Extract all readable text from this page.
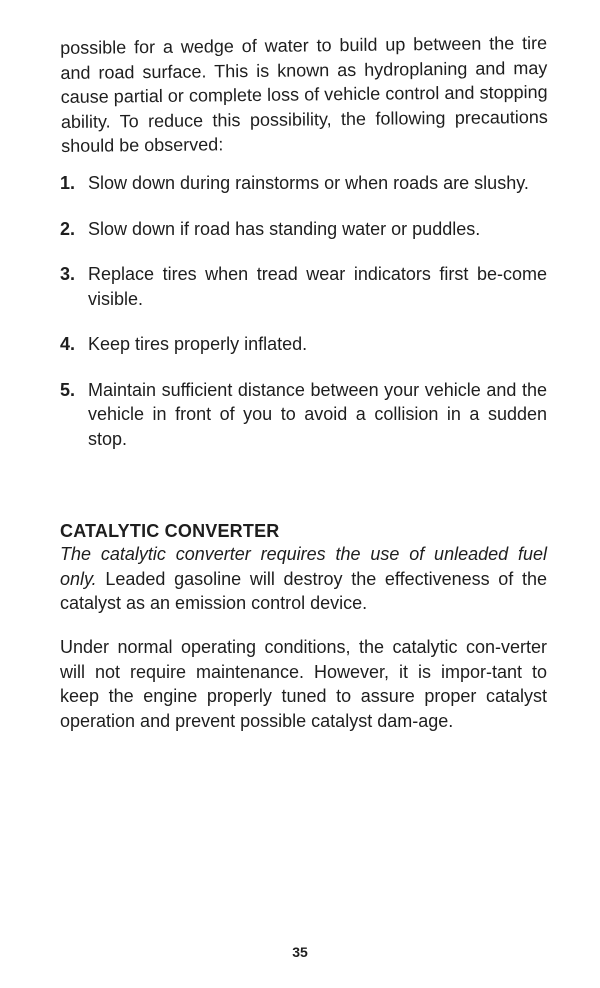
possible for a wedge of water to build up between the tire and road surface. This is known as hydroplaning and may cause partial or complete loss of vehicle control and stopping ability. To reduce this possibility, the following precautions should be observed:

1. Slow down during rainstorms or when roads are slushy.
2. Slow down if road has standing water or puddles.
3. Replace tires when tread wear indicators first be-come visible.
4. Keep tires properly inflated.
5. Maintain sufficient distance between your vehicle and the vehicle in front of you to avoid a collision in a sudden stop.
CATALYTIC CONVERTER

The catalytic converter requires the use of unleaded fuel only. Leaded gasoline will destroy the effectiveness of the catalyst as an emission control device.

Under normal operating conditions, the catalytic con-verter will not require maintenance. However, it is impor-tant to keep the engine properly tuned to assure proper catalyst operation and prevent possible catalyst dam-age.

35
